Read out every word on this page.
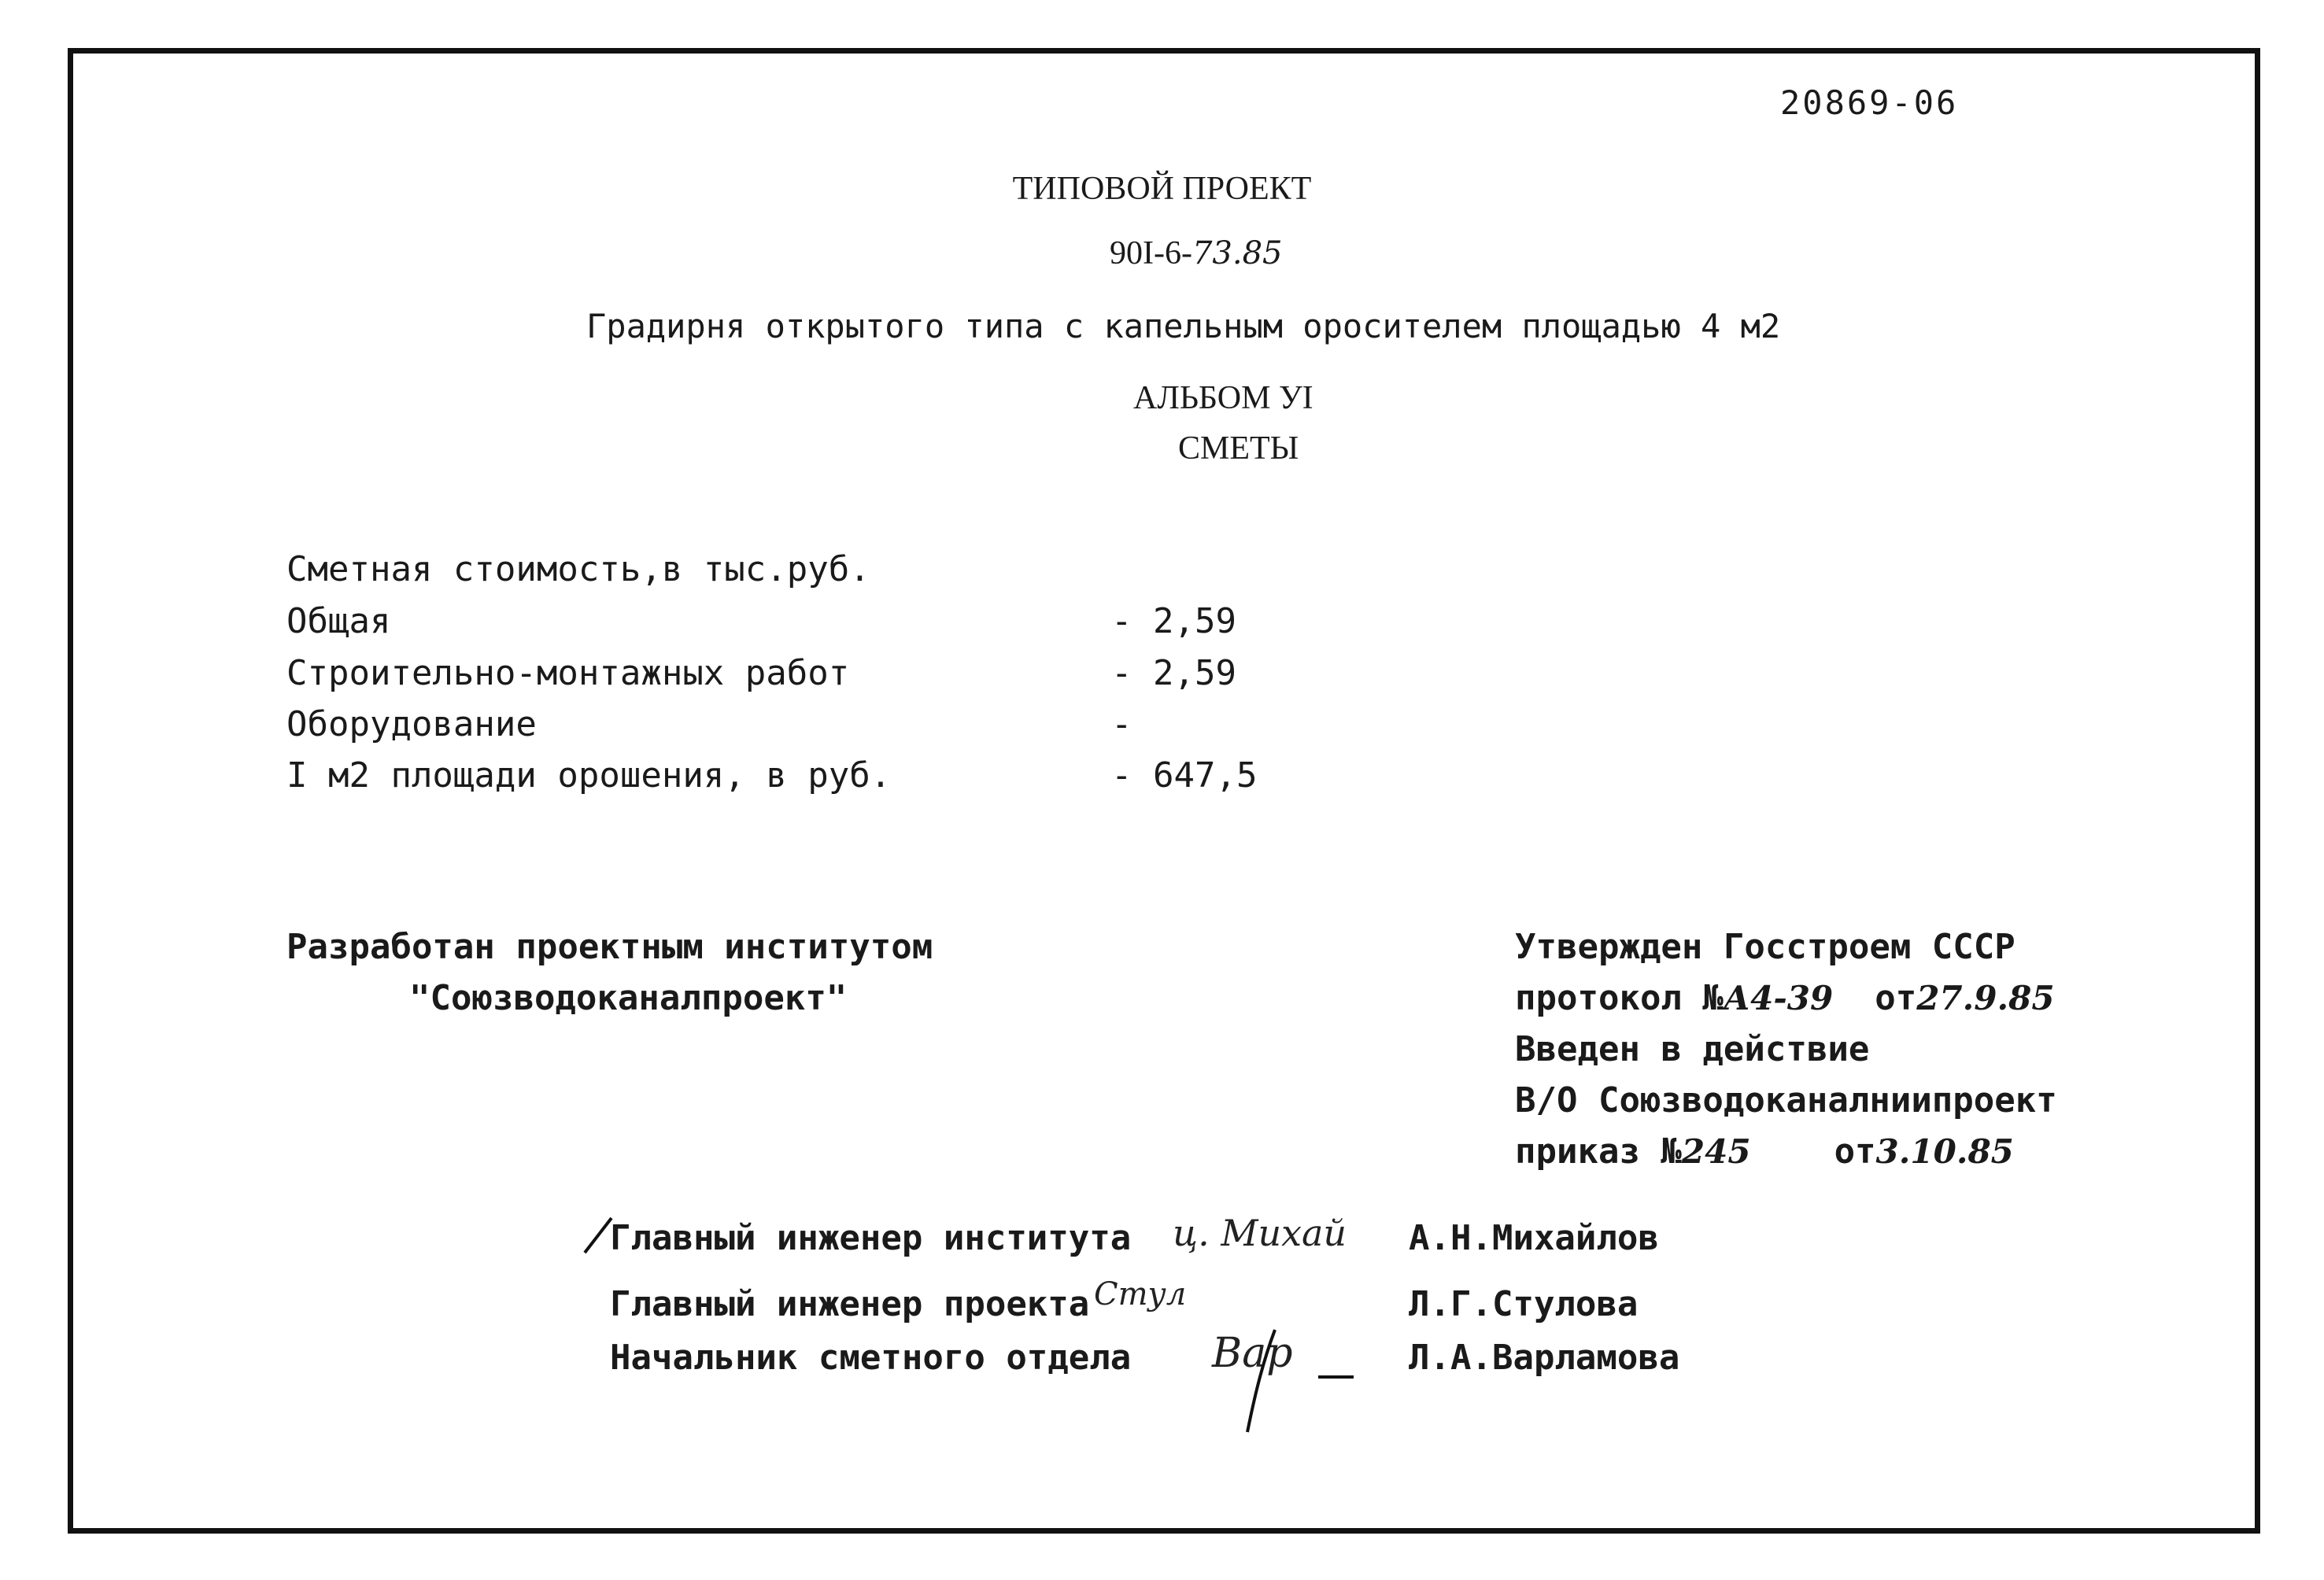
20869-06
ТИПОВОЙ ПРОЕКТ
90I-6-73.85
Градирня открытого типа с капельным оросителем площадью 4 м2
АЛЬБОМ УI
СМЕТЫ
Сметная стоимость,в тыс.руб.
Общая	- 2,59
Строительно-монтажных работ	- 2,59
Оборудование	-
I м2 площади орошения, в руб.	- 647,5
Разработан проектным институтом
"Союзводоканалпроект"
Утвержден Госстроем СССР
протокол №А4-39 от27.9.85
Введен в действие
В/О Союзводоканалниипроект
приказ №245 от3.10.85
Главный инженер института ц. Михай А.Н.Михайлов
Главный инженер проекта Стул	Л.Г.Стулова
Начальник сметного отдела Вар	Л.А.Варламова
